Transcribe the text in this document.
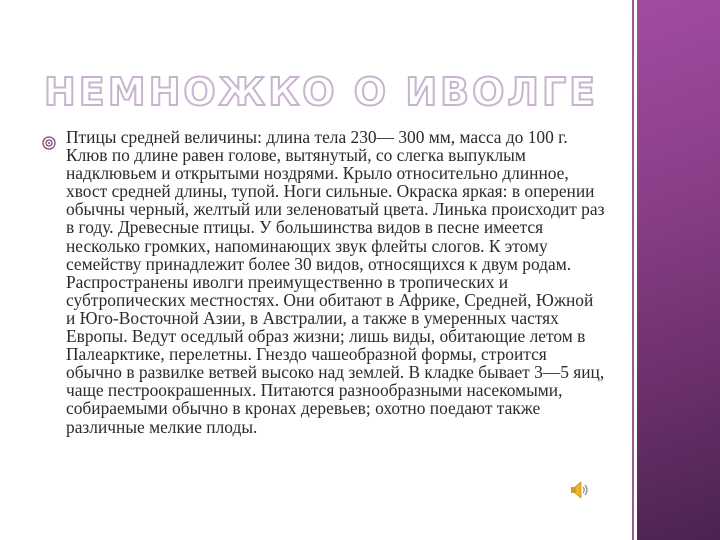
НЕМНОЖКО О ИВОЛГЕ
Птицы средней величины: длина тела 230— 300 мм, масса до 100 г. Клюв по длине равен голове, вытянутый, со слегка выпуклым надклювьем и открытыми ноздрями. Крыло относительно длинное, хвост средней длины, тупой. Ноги сильные. Окраска яркая: в оперении обычны черный, желтый или зеленоватый цвета. Линька происходит раз в году. Древесные птицы. У большинства видов в песне имеется несколько громких, напоминающих звук флейты слогов. К этому семейству принадлежит более 30 видов, относящихся к двум родам. Распространены иволги преимущественно в тропических и субтропических местностях. Они обитают в Африке, Средней, Южной и Юго-Восточной Азии, в Австралии, а также в умеренных частях Европы. Ведут оседлый образ жизни; лишь виды, обитающие летом в Палеарктике, перелетны. Гнездо чашеобразной формы, строится обычно в развилке ветвей высоко над землей. В кладке бывает 3—5 яиц, чаще пестроокрашенных. Питаются разнообразными насекомыми, собираемыми обычно в кронах деревьев; охотно поедают также различные мелкие плоды.
